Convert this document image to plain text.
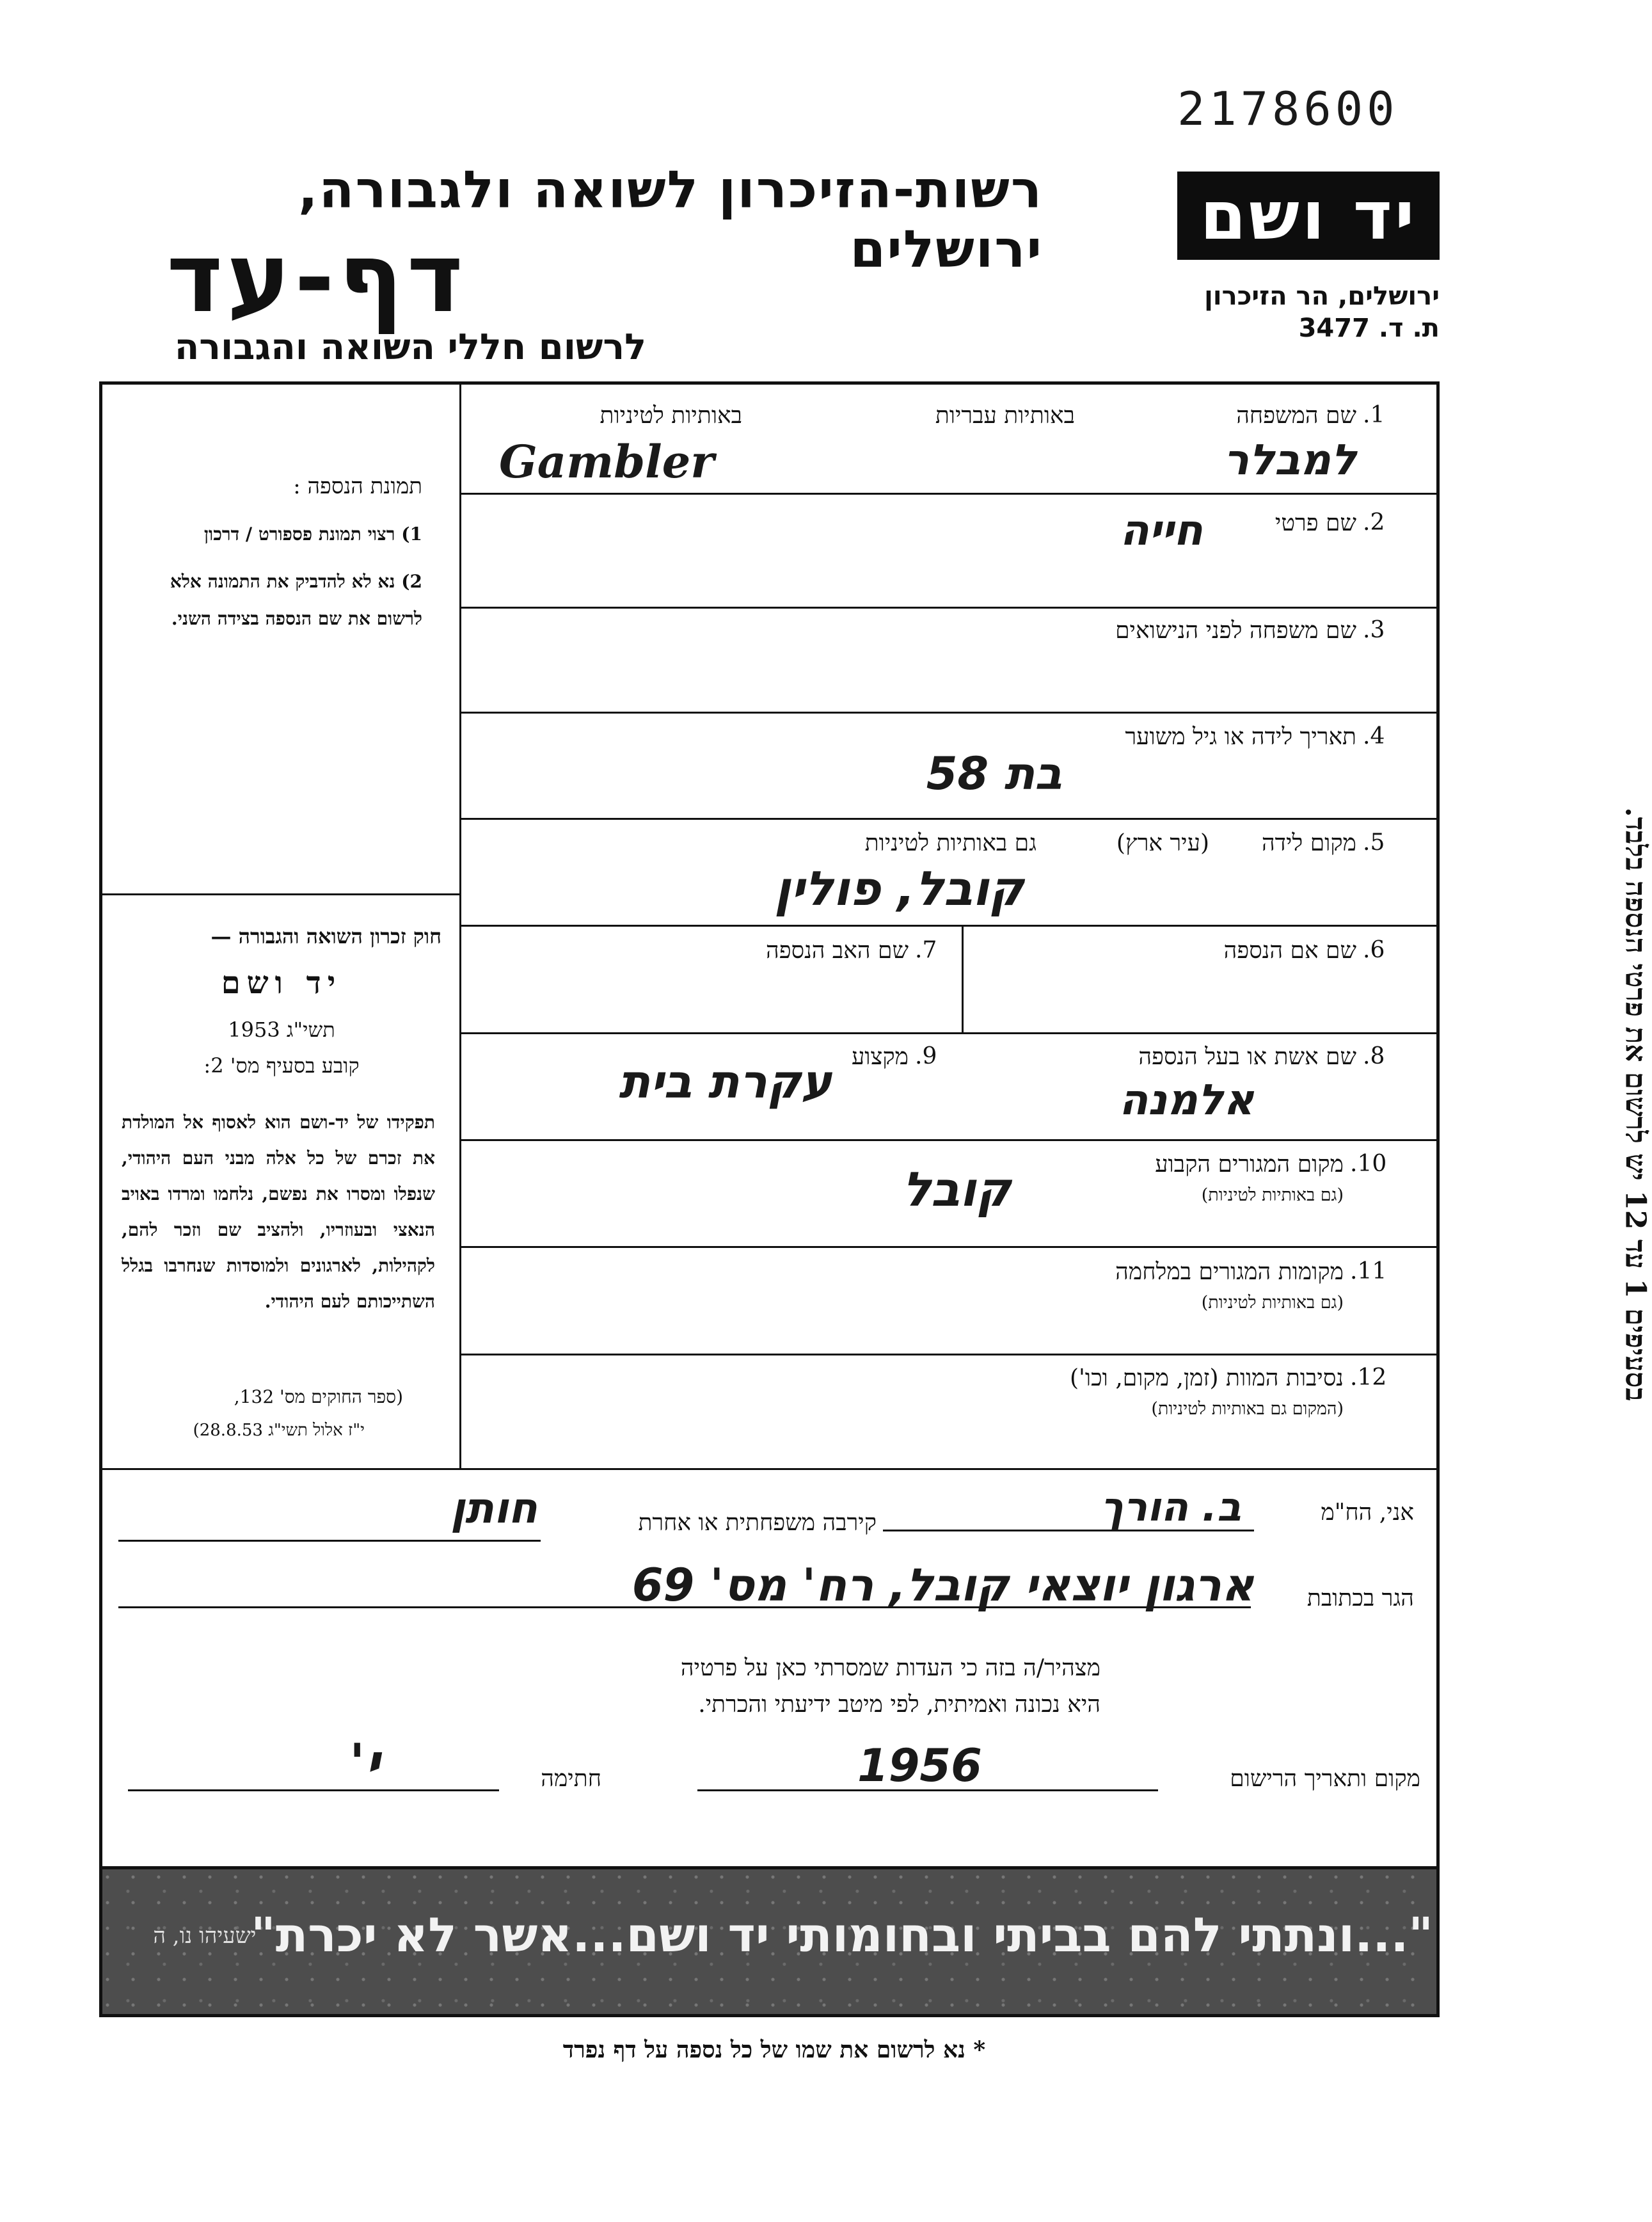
2178600
רשות-הזיכרון לשואה ולגבורה, ירושלים
דף-עד
לרשום חללי השואה והגבורה
יד ושם
ירושלים, הר הזיכרון
ת. ד. 3477
1.
שם המשפחה
באותיות עבריות
באותיות לטיניות
למבלר
Gambler
2.
שם פרטי
חייה
3.
שם משפחה לפני הנישואים
4.
תאריך לידה או גיל משוער
בת 58
5.
מקום לידה
(עיר ארץ)
גם באותיות לטיניות
קובל, פולין
6.
שם אם הנספה
7.
שם האב הנספה
8.
שם אשת או בעל הנספה
אלמנה
9.
מקצוע
עקרת בית
10.
מקום המגורים הקבוע
(גם באותיות לטיניות)
קובל
11.
מקומות המגורים במלחמה
(גם באותיות לטיניות)
12.
נסיבות המוות (זמן, מקום, וכו')
(המקום גם באותיות לטיניות)
תמונת הנספה :
1) רצוי תמונת פספורט / דרכון
2) נא לא להדביק את התמונה אלא לרשום את שם הנספה בצידה השני.
חוק זכרון השואה והגבורה —
יד ושם
תשי"ג 1953
קובע בסעיף מס' 2:
תפקידו של יד-ושם הוא לאסוף אל המולדת את זכרם של כל אלה מבני העם היהודי, שנפלו ומסרו את נפשם, נלחמו ומרדו באויב הנאצי ובעוזריו, ולהציב שם וזכר להם, לקהילות, לארגונים ולמוסדות שנחרבו בגלל השתייכותם לעם היהודי.
(ספר החוקים מס' 132,
י"ז אלול תשי"ג 28.8.53)
בסעיפים 1 עד 12 יש לרשום את פרטי הנספה בלבד.
אני, הח"מ
ב. הורך
קירבה משפחתית או אחרת
חותן
הגר בכתובת
ארגון יוצאי קובל, רח' מס' 69
מצהיר/ה בזה כי העדות שמסרתי כאן על פרטיה
היא נכונה ואמיתית, לפי מיטב ידיעתי והכרתי.
מקום ותאריך הרישום
1956
חתימה
י'
"...ונתתי להם בביתי ובחומותי יד ושם...אשר לא יכרת"
ישעיהו נו, ה
* נא לרשום את שמו של כל נספה על דף נפרד
